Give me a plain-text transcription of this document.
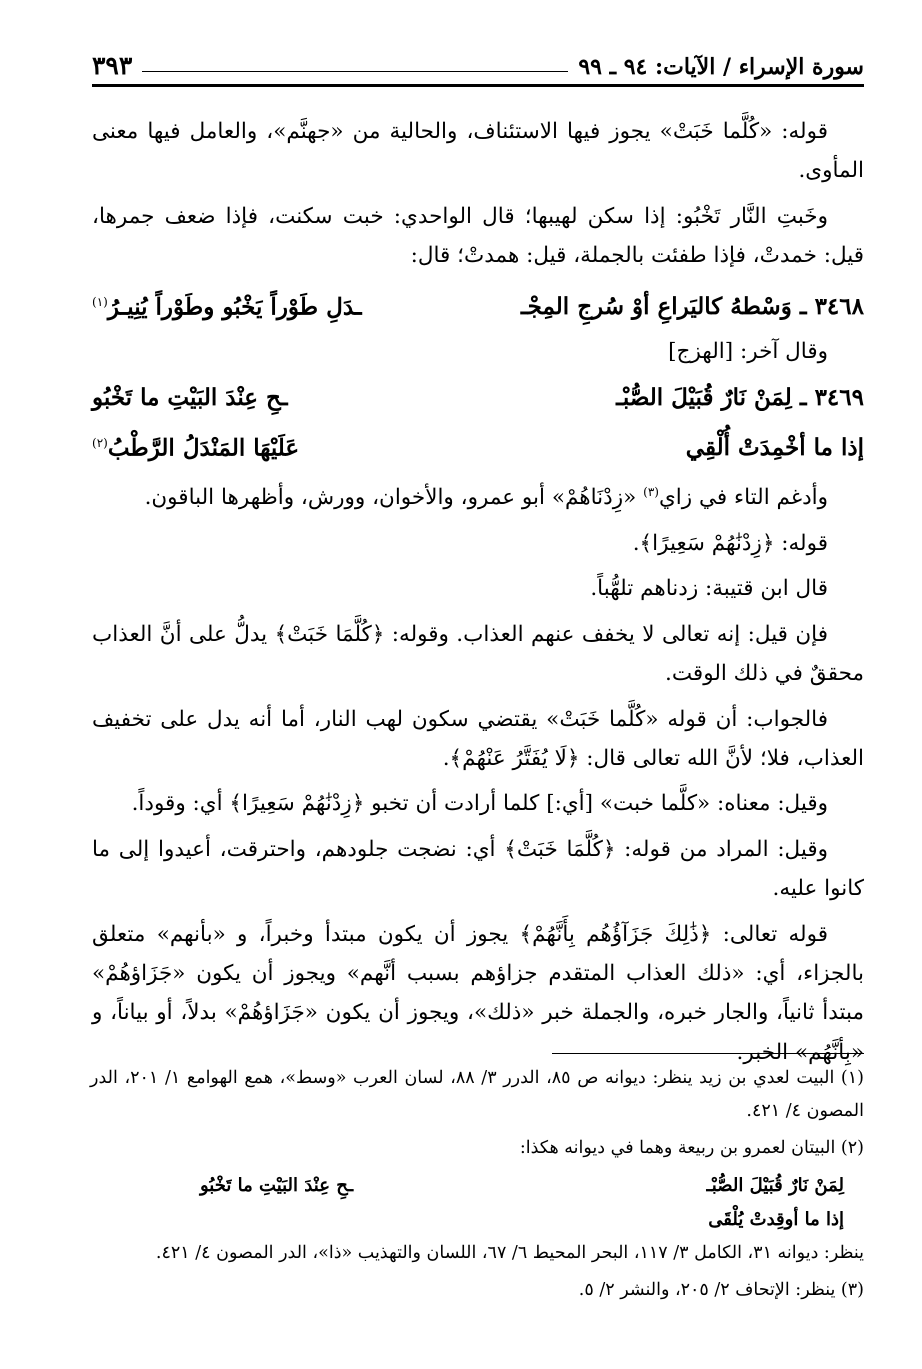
سورة الإسراء / الآيات: ٩٤ ـ ٩٩
٣٩٣

قوله: «كُلَّما خَبَتْ» يجوز فيها الاستئناف، والحالية من «جهنَّم»، والعامل فيها معنى المأوى.

وخَبتِ النَّار تَخْبُو: إذا سكن لهيبها؛ قال الواحدي: خبت سكنت، فإذا ضعف جمرها، قيل: خمدتْ، فإذا طفئت بالجملة، قيل: همدتْ؛ قال:

٣٤٦٨ ـ وَسْطهُ كاليَراعِ أوْ سُرجِ المِجْـ
ـدَلِ طَوْراً يَخْبُو وطَوْراً يُنِيـرُ$^{(١)}$

وقال آخر: [الهزج]

٣٤٦٩ ـ لِمَنْ نَارٌ قُبَيْلَ الصُّبْـ
ـحِ عِنْدَ البَيْتِ ما تَخْبُو
إذا ما أخْمِدَتْ أُلْقِي
عَلَيْهَا المَنْدَلُ الرَّطْبُ$^{(٢)}$

وأدغم التاء في زاي$^{(٣)}$ «زِدْنَاهُمْ» أبو عمرو، والأخوان، وورش، وأظهرها الباقون.

قوله: ﴿زِدْنَٰهُمْ سَعِيرًا﴾.

قال ابن قتيبة: زدناهم تلهُّباً.

فإن قيل: إنه تعالى لا يخفف عنهم العذاب. وقوله: ﴿كُلَّمَا خَبَتْ﴾ يدلُّ على أنَّ العذاب محققٌ في ذلك الوقت.

فالجواب: أن قوله «كُلَّما خَبَتْ» يقتضي سكون لهب النار، أما أنه يدل على تخفيف العذاب، فلا؛ لأنَّ الله تعالى قال: ﴿لَا يُفَتَّرُ عَنْهُمْ﴾.

وقيل: معناه: «كلَّما خبت» [أي:] كلما أرادت أن تخبو ﴿زِدْنَٰهُمْ سَعِيرًا﴾ أي: وقوداً.

وقيل: المراد من قوله: ﴿كُلَّمَا خَبَتْ﴾ أي: نضجت جلودهم، واحترقت، أعيدوا إلى ما كانوا عليه.

قوله تعالى: ﴿ذَٰلِكَ جَزَآؤُهُم بِأَنَّهُمْ﴾ يجوز أن يكون مبتدأ وخبراً، و «بأنهم» متعلق بالجزاء، أي: «ذلك العذاب المتقدم جزاؤهم بسبب أنَّهم» ويجوز أن يكون «جَزَاؤهُمْ» مبتدأ ثانياً، والجار خبره، والجملة خبر «ذلك»، ويجوز أن يكون «جَزَاؤهُمْ» بدلاً، أو بياناً، و «بِأنَّهُم» الخبر.

(١) البيت لعدي بن زيد ينظر: ديوانه ص ٨٥، الدرر ٣/ ٨٨، لسان العرب «وسط»، همع الهوامع ١/ ٢٠١، الدر المصون ٤/ ٤٢١.

(٢) البيتان لعمرو بن ربيعة وهما في ديوانه هكذا:

لِمَنْ نَارٌ قُبَيْلَ الصُّبْـ
ـحِ عِنْدَ البَيْتِ ما تَخْبُو
إذا ما أوقِدتْ يُلْقَى

ينظر: ديوانه ٣١، الكامل ٣/ ١١٧، البحر المحيط ٦/ ٦٧، اللسان والتهذيب «ذا»، الدر المصون ٤/ ٤٢١.

(٣) ينظر: الإتحاف ٢/ ٢٠٥، والنشر ٢/ ٥.
